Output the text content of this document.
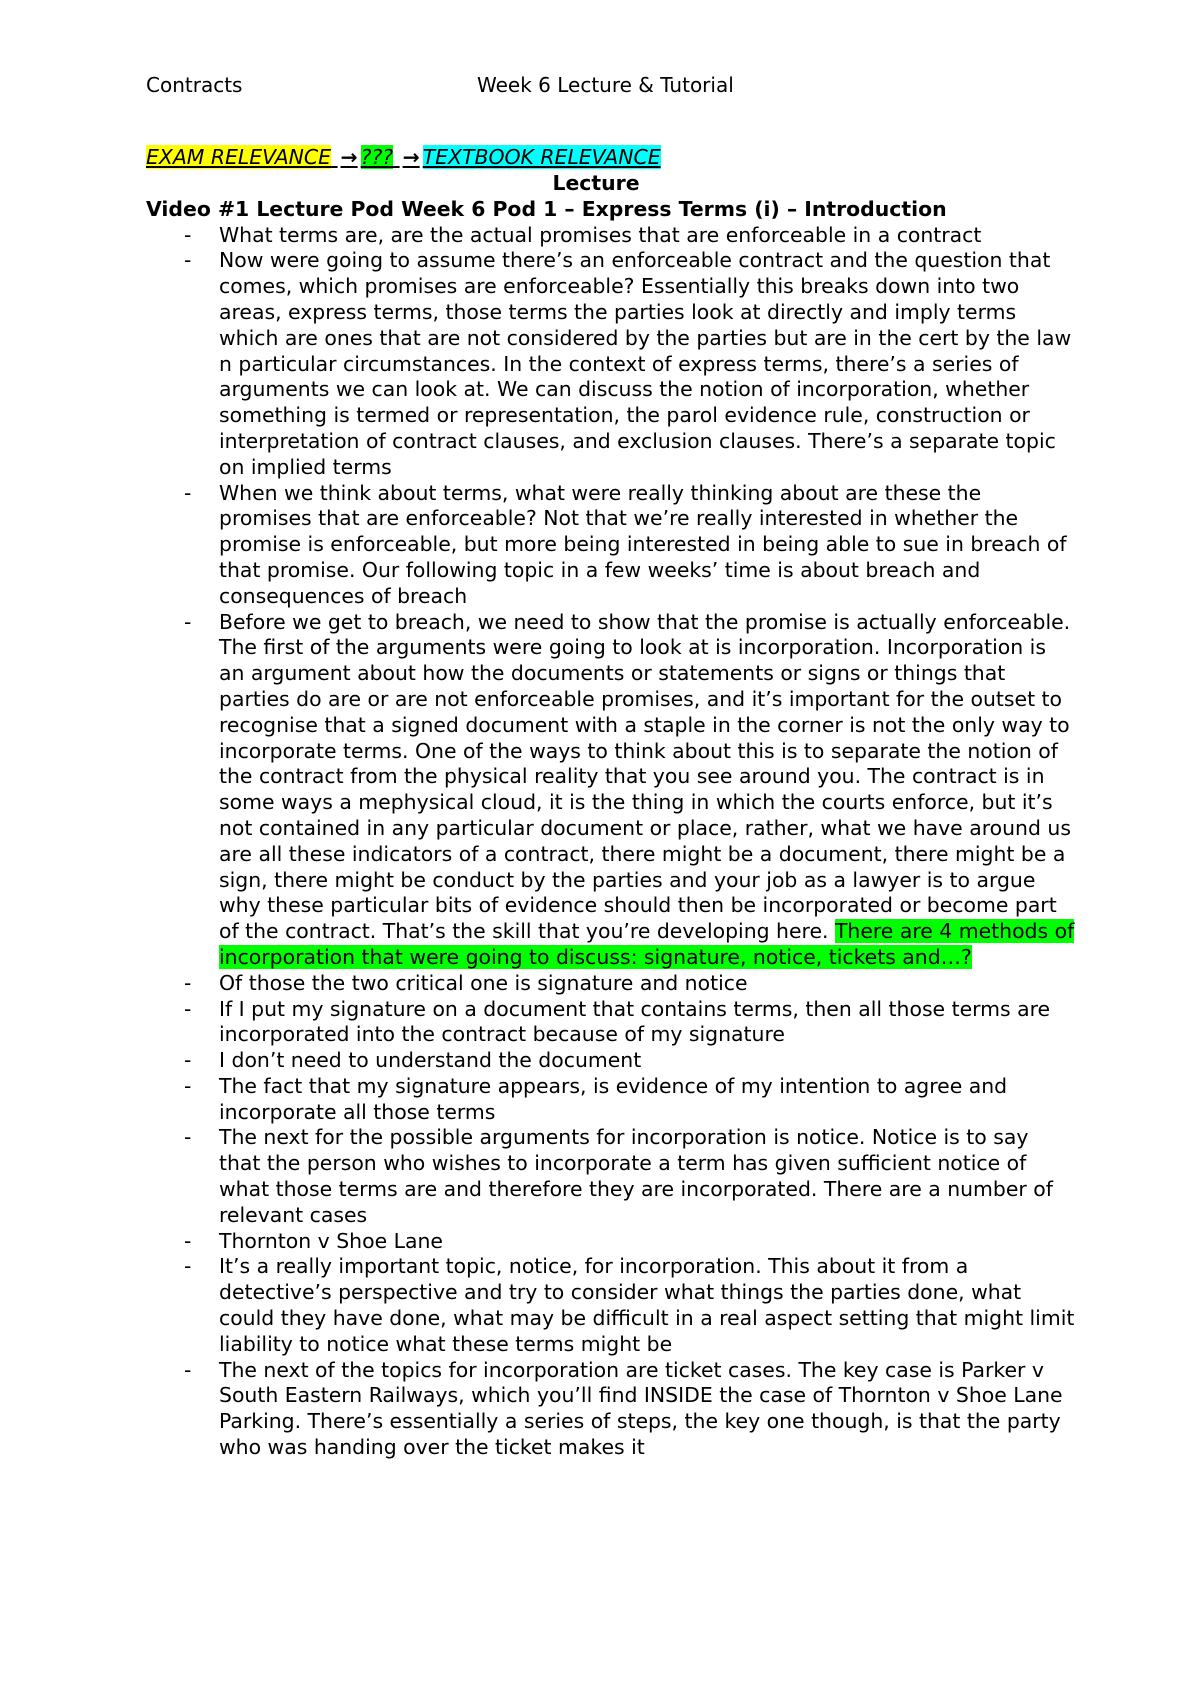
Contracts	Week 6 Lecture & Tutorial
EXAM RELEVANCE → ??? → TEXTBOOK RELEVANCE
Lecture
Video #1 Lecture Pod Week 6 Pod 1 – Express Terms (i) – Introduction
- What terms are, are the actual promises that are enforceable in a contract
- Now were going to assume there’s an enforceable contract and the question that comes, which promises are enforceable? Essentially this breaks down into two areas, express terms, those terms the parties look at directly and imply terms which are ones that are not considered by the parties but are in the cert by the law n particular circumstances. In the context of express terms, there’s a series of arguments we can look at. We can discuss the notion of incorporation, whether something is termed or representation, the parol evidence rule, construction or interpretation of contract clauses, and exclusion clauses. There’s a separate topic on implied terms
- When we think about terms, what were really thinking about are these the promises that are enforceable? Not that we’re really interested in whether the promise is enforceable, but more being interested in being able to sue in breach of that promise. Our following topic in a few weeks’ time is about breach and consequences of breach
- Before we get to breach, we need to show that the promise is actually enforceable. The first of the arguments were going to look at is incorporation. Incorporation is an argument about how the documents or statements or signs or things that parties do are or are not enforceable promises, and it’s important for the outset to recognise that a signed document with a staple in the corner is not the only way to incorporate terms. One of the ways to think about this is to separate the notion of the contract from the physical reality that you see around you. The contract is in some ways a mephysical cloud, it is the thing in which the courts enforce, but it’s not contained in any particular document or place, rather, what we have around us are all these indicators of a contract, there might be a document, there might be a sign, there might be conduct by the parties and your job as a lawyer is to argue why these particular bits of evidence should then be incorporated or become part of the contract. That’s the skill that you’re developing here. There are 4 methods of incorporation that were going to discuss: signature, notice, tickets and…?
- Of those the two critical one is signature and notice
- If I put my signature on a document that contains terms, then all those terms are incorporated into the contract because of my signature
- I don’t need to understand the document
- The fact that my signature appears, is evidence of my intention to agree and incorporate all those terms
- The next for the possible arguments for incorporation is notice. Notice is to say that the person who wishes to incorporate a term has given sufficient notice of what those terms are and therefore they are incorporated. There are a number of relevant cases
- Thornton v Shoe Lane
- It’s a really important topic, notice, for incorporation. This about it from a detective’s perspective and try to consider what things the parties done, what could they have done, what may be difficult in a real aspect setting that might limit liability to notice what these terms might be
- The next of the topics for incorporation are ticket cases. The key case is Parker v South Eastern Railways, which you’ll find INSIDE the case of Thornton v Shoe Lane Parking. There’s essentially a series of steps, the key one though, is that the party who was handing over the ticket makes it
